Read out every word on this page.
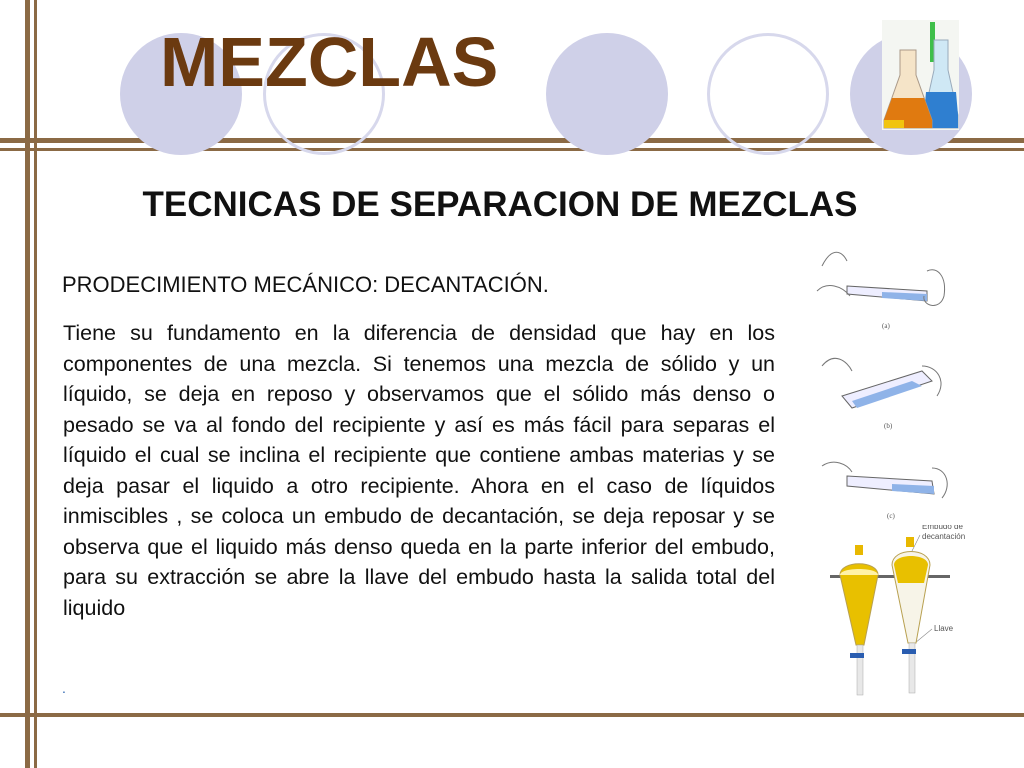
MEZCLAS
TECNICAS DE SEPARACION DE MEZCLAS
PRODECIMIENTO MECÁNICO: DECANTACIÓN.

Tiene su fundamento en la diferencia de densidad que hay en los componentes de una mezcla. Si tenemos una mezcla de sólido y un líquido, se deja en reposo y observamos que el sólido más denso o pesado se va al fondo del recipiente y así es más fácil para separas el líquido el cual se inclina el recipiente que contiene ambas materias y se deja pasar el liquido a otro recipiente. Ahora en el caso de líquidos inmiscibles , se coloca un embudo de decantación, se deja reposar y se observa que el liquido más denso queda en la parte inferior del embudo, para su extracción se abre la llave del embudo hasta la salida total del liquido

.
(a)
(b)
(c)
Embudo de
decantación
Llave
